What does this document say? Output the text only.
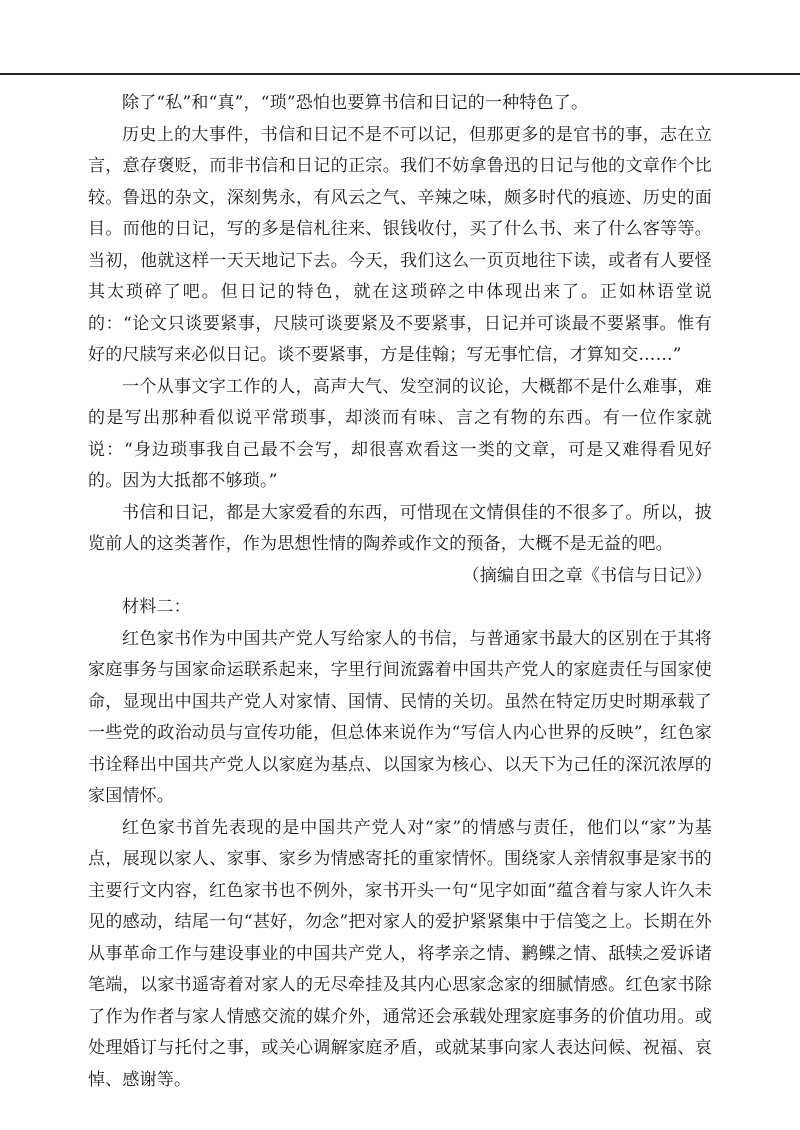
除了“私”和“真”，“琐”恐怕也要算书信和日记的一种特色了。

历史上的大事件，书信和日记不是不可以记，但那更多的是官书的事，志在立言，意存褒贬，而非书信和日记的正宗。我们不妨拿鲁迅的日记与他的文章作个比较。鲁迅的杂文，深刻隽永，有风云之气、辛辣之味，颇多时代的痕迹、历史的面目。而他的日记，写的多是信札往来、银钱收付，买了什么书、来了什么客等等。当初，他就这样一天天地记下去。今天，我们这么一页页地往下读，或者有人要怪其太琐碎了吧。但日记的特色，就在这琐碎之中体现出来了。正如林语堂说的：“论文只谈要紧事，尺牍可谈要紧及不要紧事，日记并可谈最不要紧事。惟有好的尺牍写来必似日记。谈不要紧事，方是佳翰；写无事忙信，才算知交……”

一个从事文字工作的人，高声大气、发空洞的议论，大概都不是什么难事，难的是写出那种看似说平常琐事，却淡而有味、言之有物的东西。有一位作家就说：“身边琐事我自己最不会写，却很喜欢看这一类的文章，可是又难得看见好的。因为大抵都不够琐。”

书信和日记，都是大家爱看的东西，可惜现在文情俱佳的不很多了。所以，披览前人的这类著作，作为思想性情的陶养或作文的预备，大概不是无益的吧。

（摘编自田之章《书信与日记》）

材料二：

红色家书作为中国共产党人写给家人的书信，与普通家书最大的区别在于其将家庭事务与国家命运联系起来，字里行间流露着中国共产党人的家庭责任与国家使命，显现出中国共产党人对家情、国情、民情的关切。虽然在特定历史时期承载了一些党的政治动员与宣传功能，但总体来说作为“写信人内心世界的反映”，红色家书诠释出中国共产党人以家庭为基点、以国家为核心、以天下为己任的深沉浓厚的家国情怀。

红色家书首先表现的是中国共产党人对“家”的情感与责任，他们以“家”为基点，展现以家人、家事、家乡为情感寄托的重家情怀。围绕家人亲情叙事是家书的主要行文内容，红色家书也不例外，家书开头一句“见字如面”蕴含着与家人许久未见的感动，结尾一句“甚好，勿念”把对家人的爱护紧紧集中于信笺之上。长期在外从事革命工作与建设事业的中国共产党人，将孝亲之情、鹣鲽之情、舐犊之爱诉诸笔端，以家书遥寄着对家人的无尽牵挂及其内心思家念家的细腻情感。红色家书除了作为作者与家人情感交流的媒介外，通常还会承载处理家庭事务的价值功用。或处理婚订与托付之事，或关心调解家庭矛盾，或就某事向家人表达问候、祝福、哀悼、感谢等。
